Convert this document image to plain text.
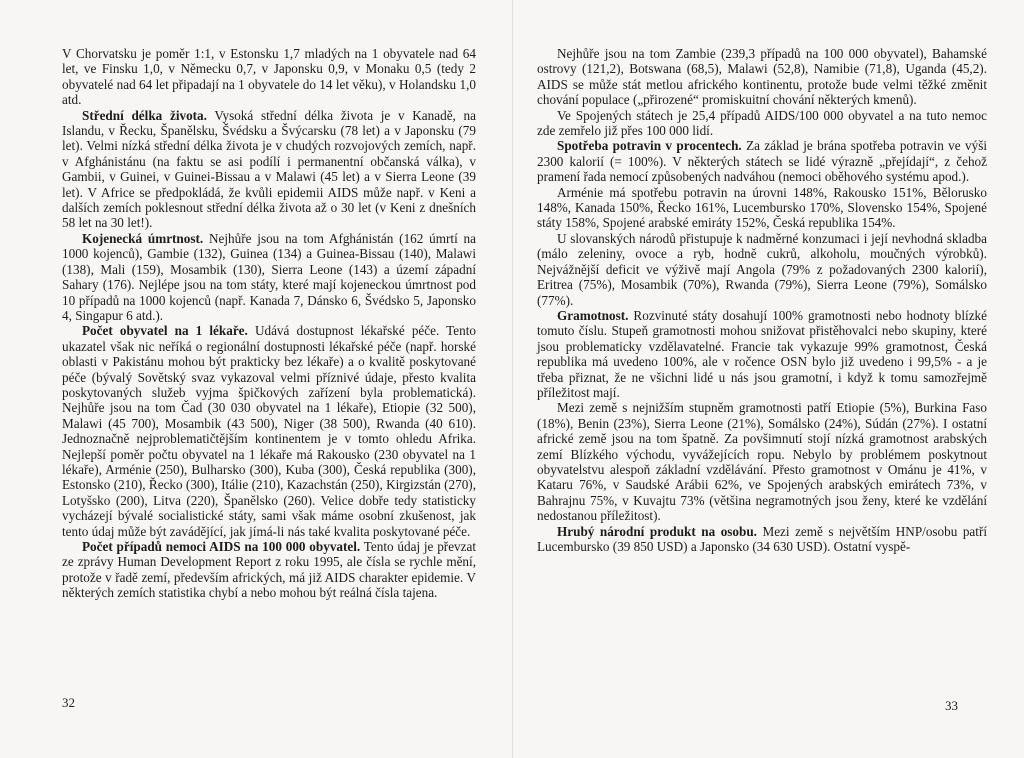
V Chorvatsku je poměr 1:1, v Estonsku 1,7 mladých na 1 obyvatele nad 64 let, ve Finsku 1,0, v Německu 0,7, v Japonsku 0,9, v Monaku 0,5 (tedy 2 obyvatelé nad 64 let připadají na 1 obyvatele do 14 let věku), v Holandsku 1,0 atd.

Střední délka života. Vysoká střední délka života je v Kanadě, na Islandu, v Řecku, Španělsku, Švédsku a Švýcarsku (78 let) a v Japonsku (79 let). Velmi nízká střední délka života je v chudých rozvojových zemích, např. v Afghánistánu (na faktu se asi podílí i permanentní občanská válka), v Gambii, v Guinei, v Guinei-Bissau a v Malawi (45 let) a v Sierra Leone (39 let). V Africe se předpokládá, že kvůli epidemii AIDS může např. v Keni a dalších zemích poklesnout střední délka života až o 30 let (v Keni z dnešních 58 let na 30 let!).

Kojenecká úmrtnost. Nejhůře jsou na tom Afghánistán (162 úmrtí na 1000 kojenců), Gambie (132), Guinea (134) a Guinea-Bissau (140), Malawi (138), Mali (159), Mosambik (130), Sierra Leone (143) a území západní Sahary (176). Nejlépe jsou na tom státy, které mají kojeneckou úmrtnost pod 10 případů na 1000 kojenců (např. Kanada 7, Dánsko 6, Švédsko 5, Japonsko 4, Singapur 6 atd.).

Počet obyvatel na 1 lékaře. Udává dostupnost lékařské péče. Tento ukazatel však nic neříká o regionální dostupnosti lékařské péče (např. horské oblasti v Pakistánu mohou být prakticky bez lékaře) a o kvalitě poskytované péče (bývalý Sovětský svaz vykazoval velmi příznivé údaje, přesto kvalita poskytovaných služeb vyjma špičkových zařízení byla problematická). Nejhůře jsou na tom Čad (30 030 obyvatel na 1 lékaře), Etiopie (32 500), Malawi (45 700), Mosambik (43 500), Niger (38 500), Rwanda (40 610). Jednoznačně nejproblematičtějším kontinentem je v tomto ohledu Afrika. Nejlepší poměr počtu obyvatel na 1 lékaře má Rakousko (230 obyvatel na 1 lékaře), Arménie (250), Bulharsko (300), Kuba (300), Česká republika (300), Estonsko (210), Řecko (300), Itálie (210), Kazachstán (250), Kirgizstán (270), Lotyšsko (200), Litva (220), Španělsko (260). Velice dobře tedy statisticky vycházejí bývalé socialistické státy, sami však máme osobní zkušenost, jak tento údaj může být zavádějící, jak jímá-li nás také kvalita poskytované péče.

Počet případů nemoci AIDS na 100 000 obyvatel. Tento údaj je převzat ze zprávy Human Development Report z roku 1995, ale čísla se rychle mění, protože v řadě zemí, především afrických, má již AIDS charakter epidemie. V některých zemích statistika chybí a nebo mohou být reálná čísla tajena.

32

Nejhůře jsou na tom Zambie (239,3 případů na 100 000 obyvatel), Bahamské ostrovy (121,2), Botswana (68,5), Malawi (52,8), Namibie (71,8), Uganda (45,2). AIDS se může stát metlou afrického kontinentu, protože bude velmi těžké změnit chování populace („přirozené“ promiskuitní chování některých kmenů).

Ve Spojených státech je 25,4 případů AIDS/100 000 obyvatel a na tuto nemoc zde zemřelo již přes 100 000 lidí.

Spotřeba potravin v procentech. Za základ je brána spotřeba potravin ve výši 2300 kalorií (= 100%). V některých státech se lidé výrazně „přejídají“, z čehož pramení řada nemocí způsobených nadváhou (nemoci oběhového systému apod.).

Arménie má spotřebu potravin na úrovni 148%, Rakousko 151%, Bělorusko 148%, Kanada 150%, Řecko 161%, Lucembursko 170%, Slovensko 154%, Spojené státy 158%, Spojené arabské emiráty 152%, Česká republika 154%.

U slovanských národů přistupuje k nadměrné konzumaci i její nevhodná skladba (málo zeleniny, ovoce a ryb, hodně cukrů, alkoholu, moučných výrobků). Nejvážnější deficit ve výživě mají Angola (79% z požadovaných 2300 kalorií), Eritrea (75%), Mosambik (70%), Rwanda (79%), Sierra Leone (79%), Somálsko (77%).

Gramotnost. Rozvinuté státy dosahují 100% gramotnosti nebo hodnoty blízké tomuto číslu. Stupeň gramotnosti mohou snižovat přistěhovalci nebo skupiny, které jsou problematicky vzdělavatelné. Francie tak vykazuje 99% gramotnost, Česká republika má uvedeno 100%, ale v ročence OSN bylo již uvedeno i 99,5% - a je třeba přiznat, že ne všichni lidé u nás jsou gramotní, i když k tomu samozřejmě příležitost mají.

Mezi země s nejnižším stupněm gramotnosti patří Etiopie (5%), Burkina Faso (18%), Benin (23%), Sierra Leone (21%), Somálsko (24%), Súdán (27%). I ostatní africké země jsou na tom špatně. Za povšimnutí stojí nízká gramotnost arabských zemí Blízkého východu, vyvážejících ropu. Nebylo by problémem poskytnout obyvatelstvu alespoň základní vzdělávání. Přesto gramotnost v Ománu je 41%, v Kataru 76%, v Saudské Arábii 62%, ve Spojených arabských emirátech 73%, v Bahrajnu 75%, v Kuvajtu 73% (většina negramotných jsou ženy, které ke vzdělání nedostanou příležitost).

Hrubý národní produkt na osobu. Mezi země s největším HNP/osobu patří Lucembursko (39 850 USD) a Japonsko (34 630 USD). Ostatní vyspě-

33
